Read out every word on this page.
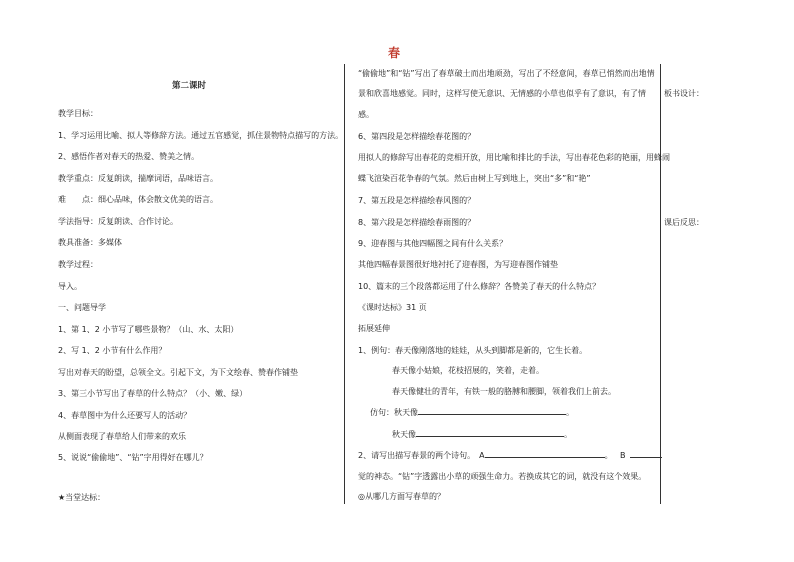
春

第二课时

教学目标：

1、学习运用比喻、拟人等修辞方法。通过五官感觉，抓住景物特点描写的方法。

2、感悟作者对春天的热爱、赞美之情。

教学重点：反复朗读，揣摩词语，品味语言。

难　　点：细心品味，体会散文优美的语言。

学法指导：反复朗读、合作讨论。

教具准备：多媒体

教学过程：

导入。

一、问题导学

1、第 1、2 小节写了哪些景物？（山、水、太阳）

2、写 1、2 小节有什么作用？

写出对春天的盼望，总领全文。引起下文，为下文绘春、赞春作铺垫

3、第三小节写出了春草的什么特点？（小、嫩、绿）

4、春草图中为什么还要写人的活动？

从侧面表现了春草给人们带来的欢乐

5、说说“偷偷地”、“钻”字用得好在哪儿？

★当堂达标：

“偷偷地”和“钻”写出了春草破土而出地顽劲，写出了不经意间，春草已悄然而出地情

景和欣喜地感觉。同时，这样写使无意识、无情感的小草也似乎有了意识，有了情

感。

6、第四段是怎样描绘春花图的？

用拟人的修辞写出春花的竞相开放，用比喻和排比的手法，写出春花色彩的艳丽，用蜂闹

蝶飞渲染百花争春的气氛。然后由树上写到地上，突出“多”和“艳”

7、第五段是怎样描绘春风图的？

8、第六段是怎样描绘春雨图的？

9、迎春图与其他四幅图之间有什么关系？

其他四幅春景图很好地衬托了迎春图，为写迎春图作铺垫

10、篇末的三个段落都运用了什么修辞？各赞美了春天的什么特点？

《课时达标》31 页

拓展延伸

1、例句：春天像刚落地的娃娃，从头到脚都是新的，它生长着。

春天像小姑娘，花枝招展的，笑着，走着。

春天像健壮的青年，有铁一般的胳膊和腰脚，领着我们上前去。

仿句：秋天像	。

秋天像	。

2、请写出描写春景的两个诗句。　A	。 B

觉的神态。“钻”字透露出小草的顽强生命力。若换成其它的词，就没有这个效果。

◎从哪几方面写春草的？

板书设计：

课后反思：
